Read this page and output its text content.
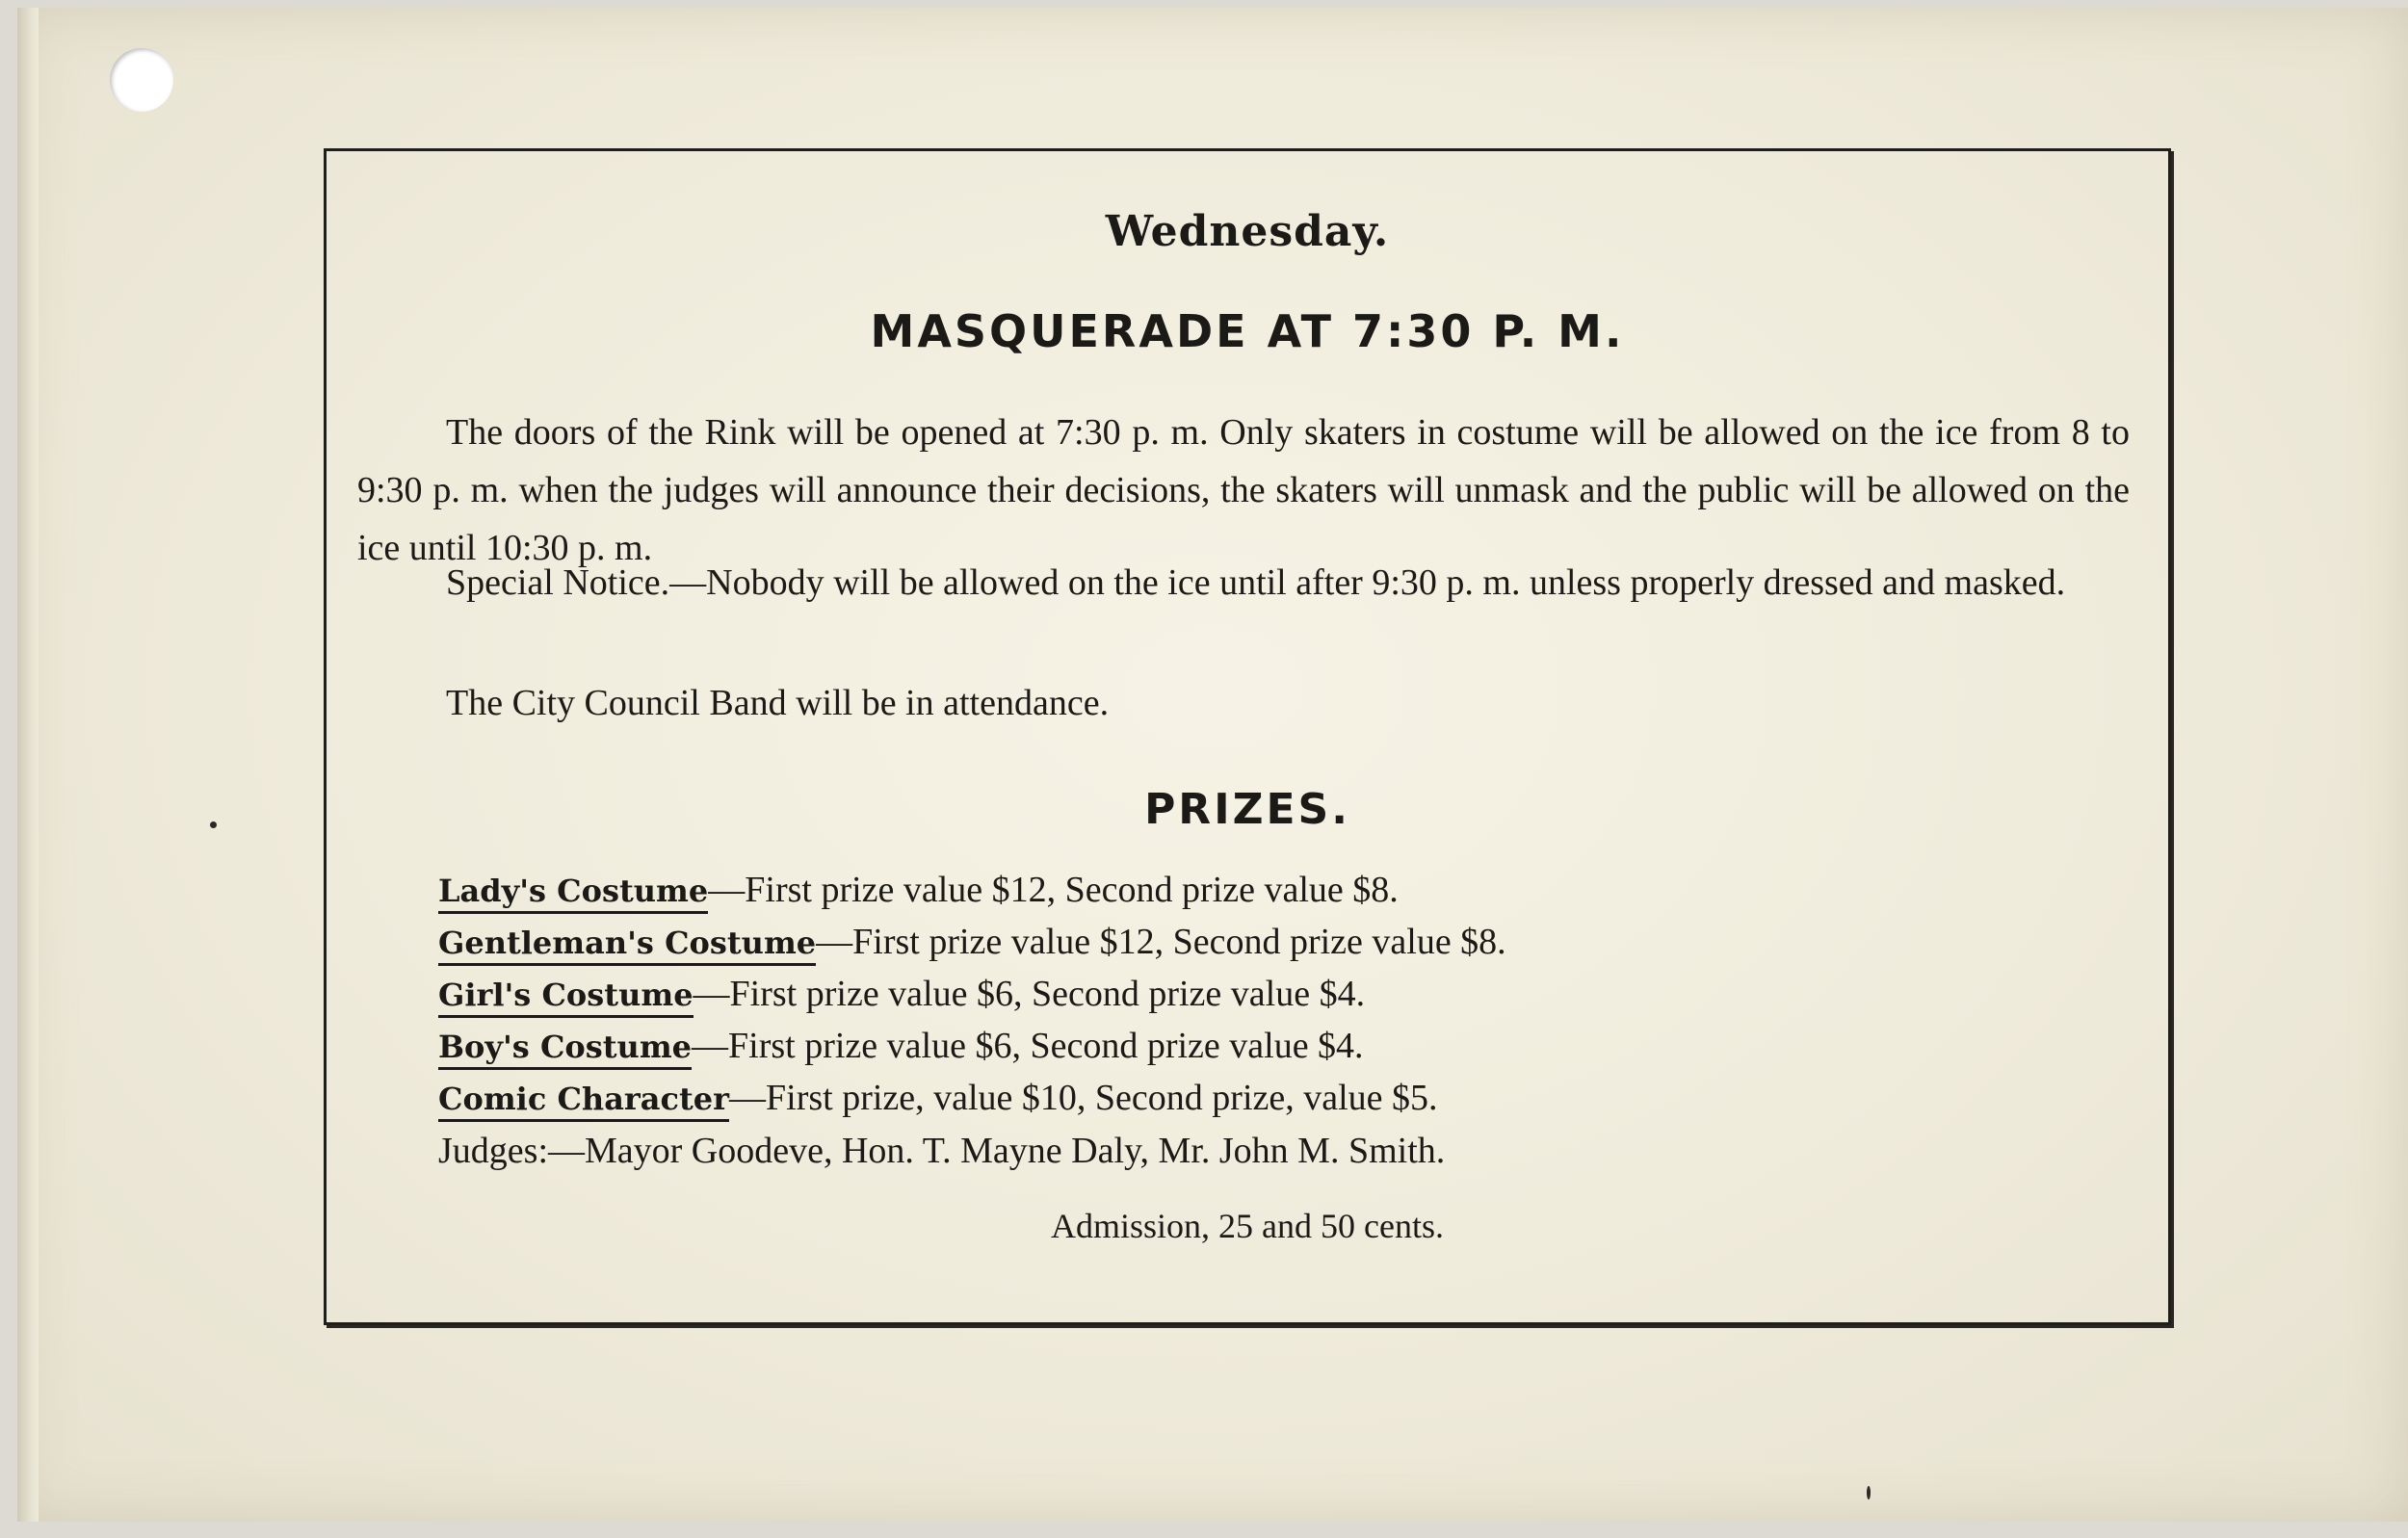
Wednesday.
MASQUERADE AT 7:30 P. M.

The doors of the Rink will be opened at 7:30 p. m. Only skaters in costume will be allowed on the ice from 8 to 9:30 p. m. when the judges will announce their decisions, the skaters will unmask and the public will be allowed on the ice until 10:30 p. m.

Special Notice.—Nobody will be allowed on the ice until after 9:30 p. m. unless properly dressed and masked.

The City Council Band will be in attendance.

PRIZES.
Lady's Costume—First prize value $12, Second prize value $8.
Gentleman's Costume—First prize value $12, Second prize value $8.
Girl's Costume—First prize value $6, Second prize value $4.
Boy's Costume—First prize value $6, Second prize value $4.
Comic Character—First prize, value $10, Second prize, value $5.
Judges:—Mayor Goodeve, Hon. T. Mayne Daly, Mr. John M. Smith.
Admission, 25 and 50 cents.
